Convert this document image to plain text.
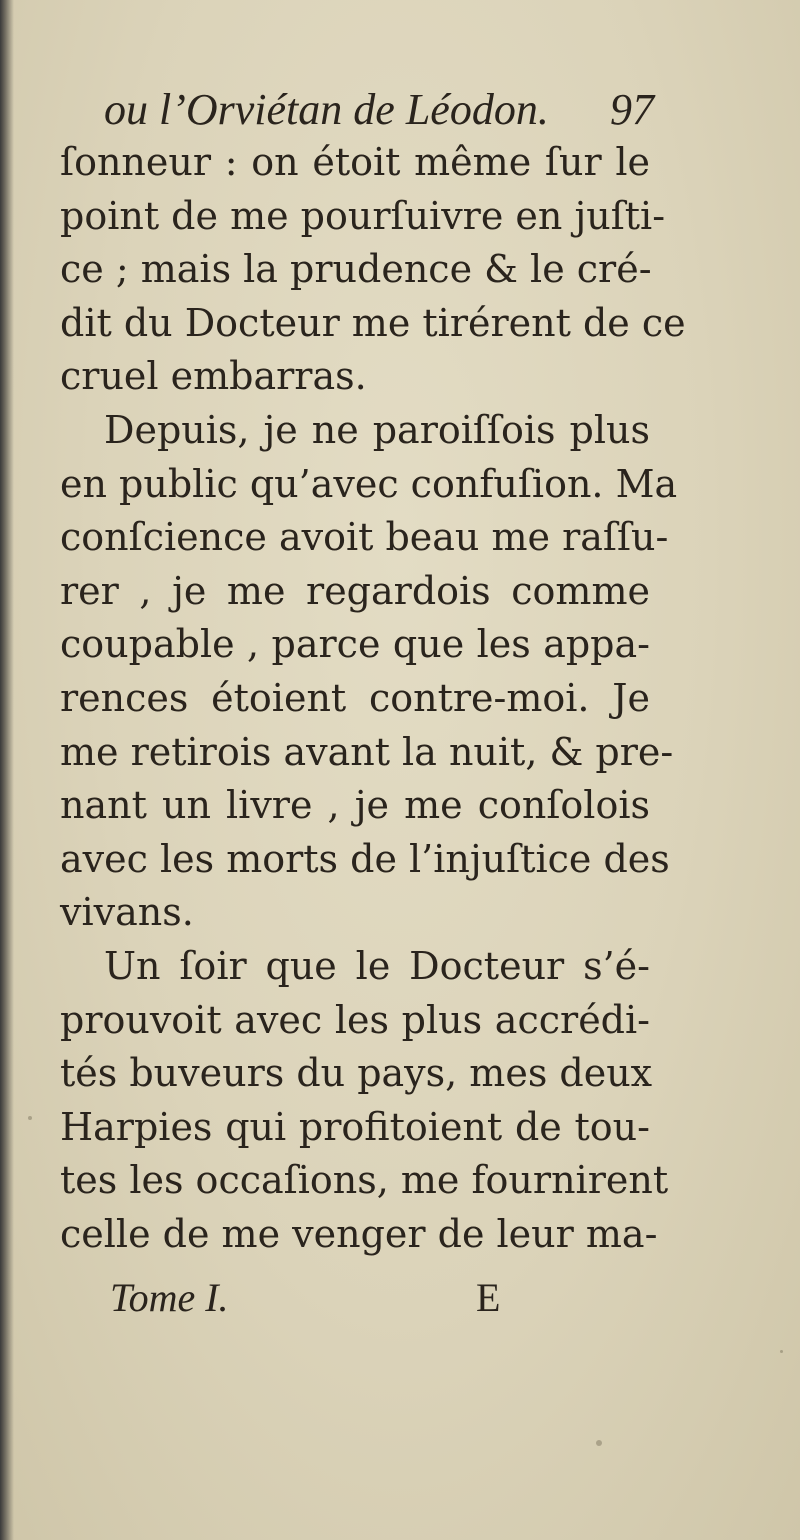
ou l’Orviétan de Léodon. 97
ſonneur : on étoit même ſur le
point de me pourſuivre en juſti-
ce ; mais la prudence & le cré-
dit du Docteur me tirérent de ce
cruel embarras.
Depuis, je ne paroiſſois plus
en public qu’avec confuſion. Ma
conſcience avoit beau me raſſu-
rer , je me regardois comme
coupable , parce que les appa-
rences étoient contre-moi. Je
me retirois avant la nuit, & pre-
nant un livre , je me conſolois
avec les morts de l’injuſtice des
vivans.
Un ſoir que le Docteur s’é-
prouvoit avec les plus accrédi-
tés buveurs du pays, mes deux
Harpies qui profitoient de tou-
tes les occaſions, me fournirent
celle de me venger de leur ma-
Tome I.	E
